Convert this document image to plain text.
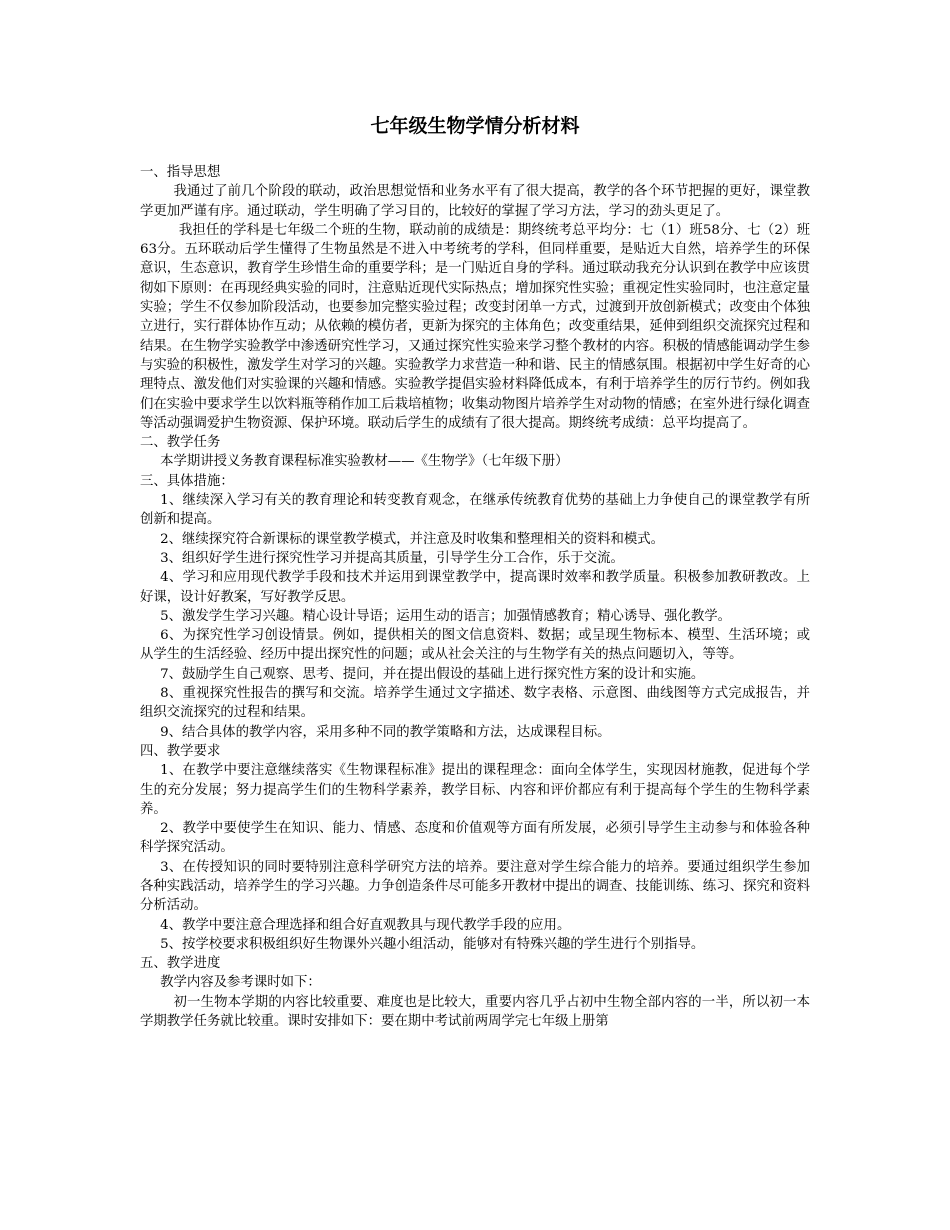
七年级生物学情分析材料

一、指导思想

我通过了前几个阶段的联动，政治思想觉悟和业务水平有了很大提高，教学的各个环节把握的更好，课堂教学更加严谨有序。通过联动，学生明确了学习目的，比较好的掌握了学习方法，学习的劲头更足了。

我担任的学科是七年级二个班的生物，联动前的成绩是：期终统考总平均分：七（1）班58分、七（2）班63分。五环联动后学生懂得了生物虽然是不进入中考统考的学科，但同样重要，是贴近大自然，培养学生的环保意识，生态意识，教育学生珍惜生命的重要学科；是一门贴近自身的学科。通过联动我充分认识到在教学中应该贯彻如下原则：在再现经典实验的同时，注意贴近现代实际热点；增加探究性实验；重视定性实验同时，也注意定量实验；学生不仅参加阶段活动，也要参加完整实验过程；改变封闭单一方式，过渡到开放创新模式；改变由个体独立进行，实行群体协作互动；从依赖的模仿者，更新为探究的主体角色；改变重结果，延伸到组织交流探究过程和结果。在生物学实验教学中渗透研究性学习，又通过探究性实验来学习整个教材的内容。积极的情感能调动学生参与实验的积极性，激发学生对学习的兴趣。实验教学力求营造一种和谐、民主的情感氛围。根据初中学生好奇的心理特点、激发他们对实验课的兴趣和情感。实验教学提倡实验材料降低成本，有利于培养学生的厉行节约。例如我们在实验中要求学生以饮料瓶等稍作加工后栽培植物；收集动物图片培养学生对动物的情感；在室外进行绿化调查等活动强调爱护生物资源、保护环境。联动后学生的成绩有了很大提高。期终统考成绩：总平均提高了。

二、教学任务

本学期讲授义务教育课程标准实验教材——《生物学》（七年级下册）

三、具体措施：

1、继续深入学习有关的教育理论和转变教育观念，在继承传统教育优势的基础上力争使自己的课堂教学有所创新和提高。

2、继续探究符合新课标的课堂教学模式，并注意及时收集和整理相关的资料和模式。

3、组织好学生进行探究性学习并提高其质量，引导学生分工合作，乐于交流。

4、学习和应用现代教学手段和技术并运用到课堂教学中，提高课时效率和教学质量。积极参加教研教改。上好课，设计好教案，写好教学反思。

5、激发学生学习兴趣。精心设计导语；运用生动的语言；加强情感教育；精心诱导、强化教学。

6、为探究性学习创设情景。例如，提供相关的图文信息资料、数据；或呈现生物标本、模型、生活环境；或从学生的生活经验、经历中提出探究性的问题；或从社会关注的与生物学有关的热点问题切入，等等。

7、鼓励学生自己观察、思考、提问，并在提出假设的基础上进行探究性方案的设计和实施。

8、重视探究性报告的撰写和交流。培养学生通过文字描述、数字表格、示意图、曲线图等方式完成报告，并组织交流探究的过程和结果。

9、结合具体的教学内容，采用多种不同的教学策略和方法，达成课程目标。

四、教学要求

1、在教学中要注意继续落实《生物课程标准》提出的课程理念：面向全体学生，实现因材施教，促进每个学生的充分发展；努力提高学生们的生物科学素养，教学目标、内容和评价都应有利于提高每个学生的生物科学素养。

2、教学中要使学生在知识、能力、情感、态度和价值观等方面有所发展，必须引导学生主动参与和体验各种科学探究活动。

3、在传授知识的同时要特别注意科学研究方法的培养。要注意对学生综合能力的培养。要通过组织学生参加各种实践活动，培养学生的学习兴趣。力争创造条件尽可能多开教材中提出的调查、技能训练、练习、探究和资料分析活动。

4、教学中要注意合理选择和组合好直观教具与现代教学手段的应用。

5、按学校要求积极组织好生物课外兴趣小组活动，能够对有特殊兴趣的学生进行个别指导。

五、教学进度

教学内容及参考课时如下：

初一生物本学期的内容比较重要、难度也是比较大，重要内容几乎占初中生物全部内容的一半，所以初一本学期教学任务就比较重。课时安排如下：要在期中考试前两周学完七年级上册第
